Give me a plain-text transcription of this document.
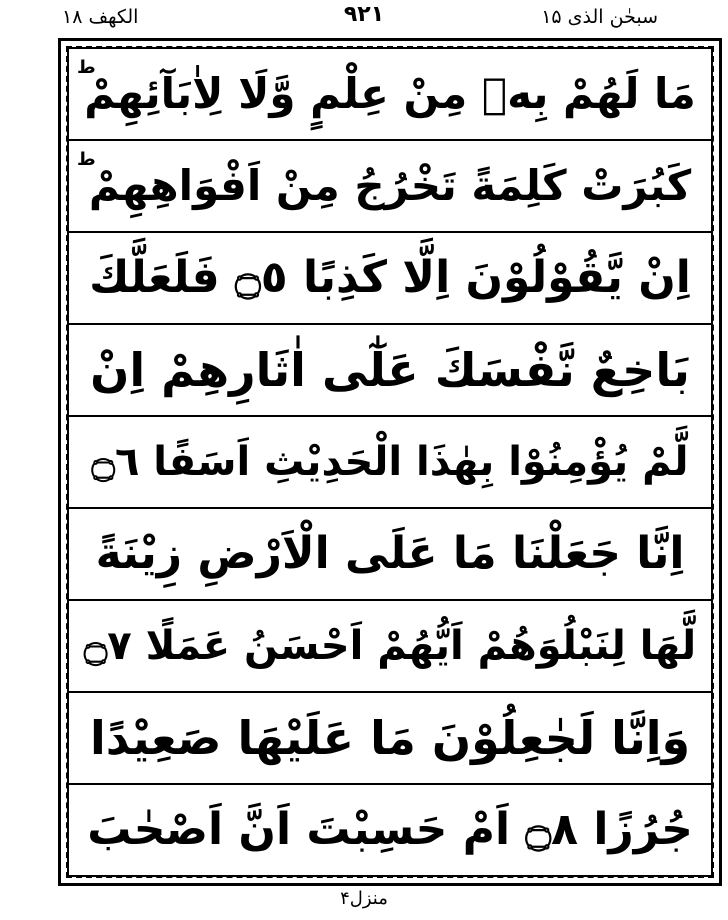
الکھف ۱۸	۹۲۱	سبحٰن الذی ۱۵
ط
مَا لَهُمْ بِهٖ مِنْ عِلْمٍ وَّلَا لِاٰبَآئِهِمْ
ط
كَبُرَتْ كَلِمَةً تَخْرُجُ مِنْ اَفْوَاهِهِمْ
اِنْ يَّقُوْلُوْنَ اِلَّا كَذِبًا ۝٥ فَلَعَلَّكَ
بَاخِعٌ نَّفْسَكَ عَلٰٓى اٰثَارِهِمْ اِنْ
لَّمْ يُؤْمِنُوْا بِهٰذَا الْحَدِيْثِ اَسَفًا ۝٦
اِنَّا جَعَلْنَا مَا عَلَى الْاَرْضِ زِيْنَةً
لَّهَا لِنَبْلُوَهُمْ اَيُّهُمْ اَحْسَنُ عَمَلًا ۝٧
وَاِنَّا لَجٰعِلُوْنَ مَا عَلَيْهَا صَعِيْدًا
جُرُزًا ۝٨ اَمْ حَسِبْتَ اَنَّ اَصْحٰبَ
منزل۴
